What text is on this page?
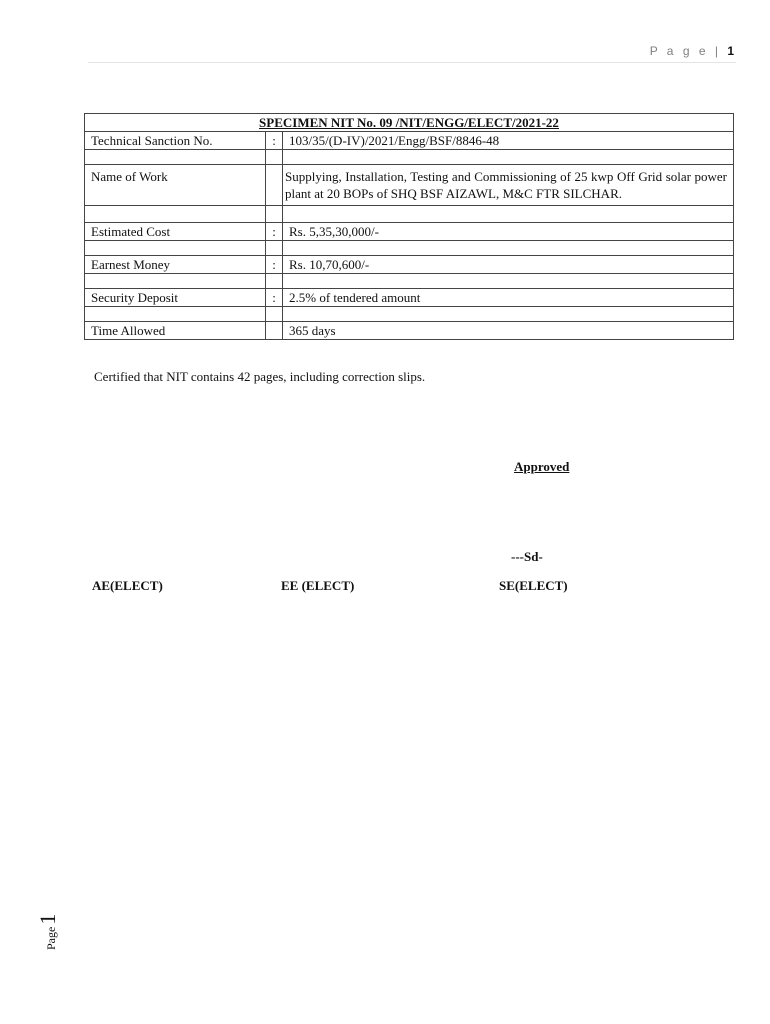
P a g e | 1
SPECIMEN NIT No. 09 /NIT/ENGG/ELECT/2021-22		
Technical Sanction No.	:	103/35/(D-IV)/2021/Engg/BSF/8846-48

Name of Work		Supplying, Installation, Testing and Commissioning of 25 kwp Off Grid solar power plant at 20 BOPs of SHQ BSF AIZAWL, M&C FTR SILCHAR.

Estimated Cost	:	Rs. 5,35,30,000/-

Earnest Money	:	Rs. 10,70,600/-

Security Deposit	:	2.5% of tendered amount

Time Allowed		365 days
Certified that NIT contains 42 pages, including correction slips.
Approved
---Sd-
AE(ELECT)	EE (ELECT)	SE(ELECT)
Page1
